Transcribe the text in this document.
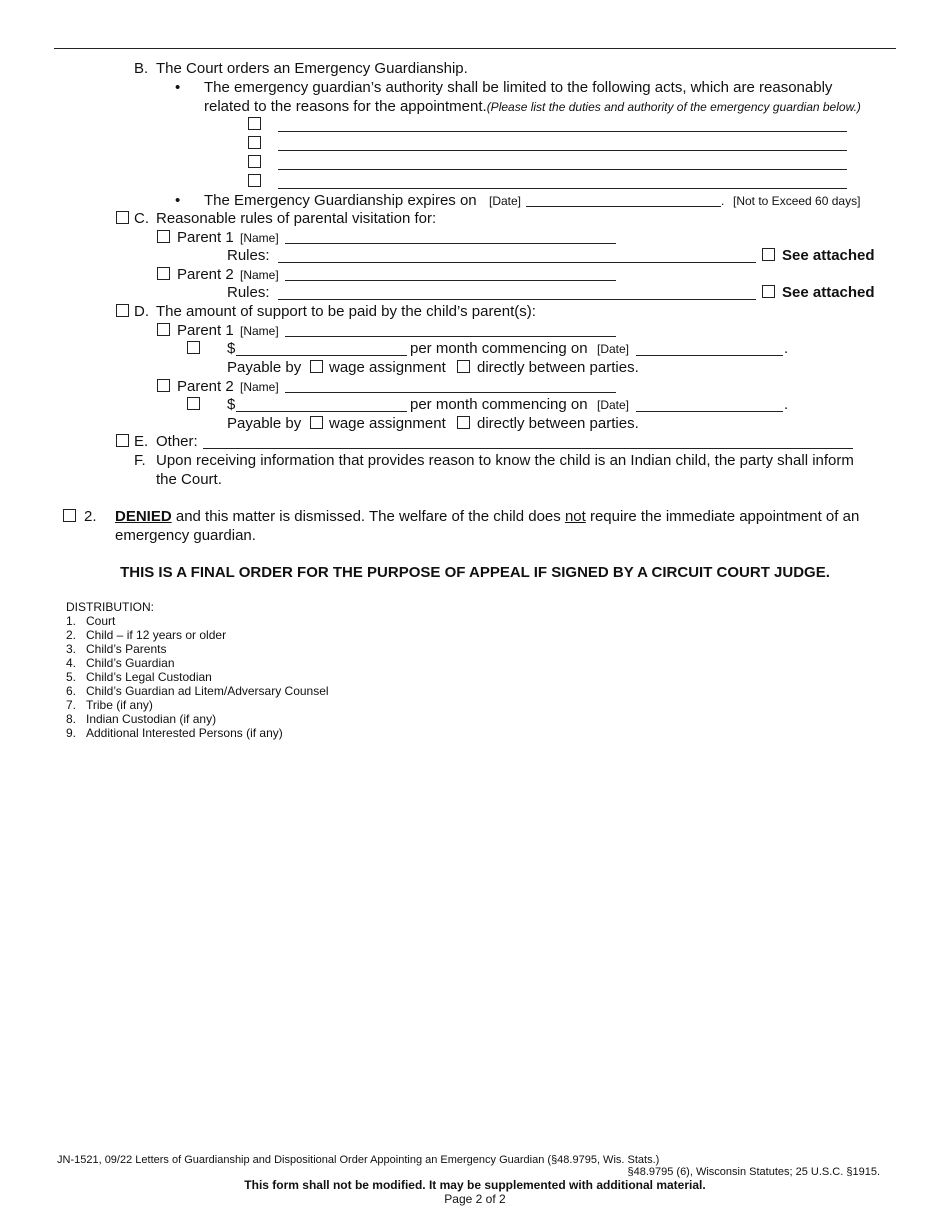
B. The Court orders an Emergency Guardianship.
• The emergency guardian’s authority shall be limited to the following acts, which are reasonably
related to the reasons for the appointment.(Please list the duties and authority of the emergency guardian below.)
• The Emergency Guardianship expires on [Date]	. [Not to Exceed 60 days]
C. Reasonable rules of parental visitation for:
Parent 1 [Name]
Rules:	See attached
Parent 2 [Name]
Rules:	See attached
D. The amount of support to be paid by the child’s parent(s):
Parent 1 [Name]
$	per month commencing on [Date]	.
Payable by wage assignment directly between parties.
Parent 2 [Name]
$	per month commencing on [Date]	.
Payable by wage assignment directly between parties.
E. Other:
F. Upon receiving information that provides reason to know the child is an Indian child, the party shall inform
the Court.
2. DENIED and this matter is dismissed. The welfare of the child does not require the immediate appointment of an
emergency guardian.
THIS IS A FINAL ORDER FOR THE PURPOSE OF APPEAL IF SIGNED BY A CIRCUIT COURT JUDGE.
DISTRIBUTION:
1. Court
2. Child – if 12 years or older
3. Child’s Parents
4. Child’s Guardian
5. Child’s Legal Custodian
6. Child’s Guardian ad Litem/Adversary Counsel
7. Tribe (if any)
8. Indian Custodian (if any)
9. Additional Interested Persons (if any)
JN-1521, 09/22 Letters of Guardianship and Dispositional Order Appointing an Emergency Guardian (§48.9795, Wis. Stats.)
§48.9795 (6), Wisconsin Statutes; 25 U.S.C. §1915.
This form shall not be modified. It may be supplemented with additional material.
Page 2 of 2
